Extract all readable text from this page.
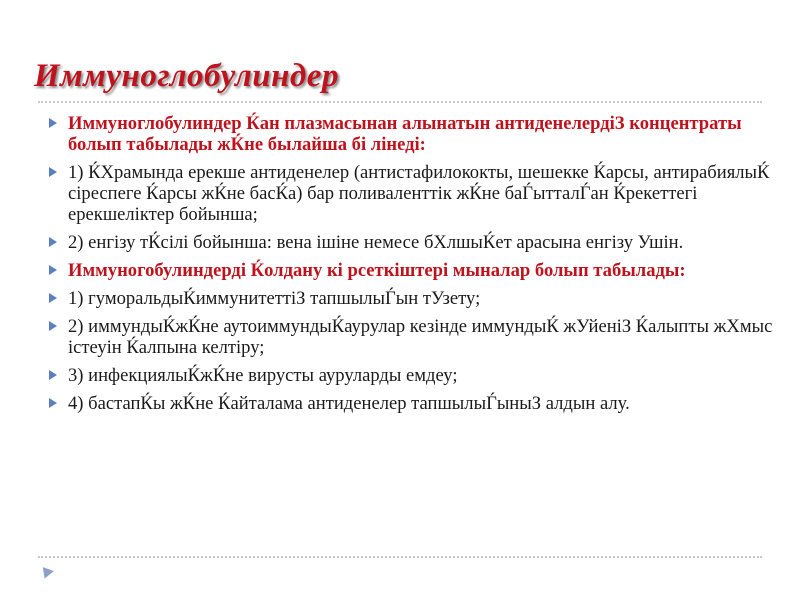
Иммуноглобулиндер
Иммуноглобулиндер Ќан плазмасынан алынатын антиденелердіЗ концентраты болып табылады жЌне былайша бі лінеді:
1) ЌХрамында ерекше антиденелер (антистафилококты, шешекке Ќарсы, антирабиялыЌ сіреспеге Ќарсы жЌне басЌа) бар поливаленттік жЌне баЃытталЃан Ќрекеттегі ерекшеліктер бойынша;
2) енгізу тЌсілі бойынша: вена ішіне немесе бХлшыЌет арасына енгізу Ушін.
Иммуногобулиндерді Ќолдану кі рсеткіштері мыналар болып табылады:
1) гуморальдыЌиммунитеттіЗ тапшылыЃын тУзету;
2) иммундыЌжЌне аутоиммундыЌаурулар кезінде иммундыЌ жУйеніЗ Ќалыпты жХмыс істеуін Ќалпына келтіру;
3) инфекциялыЌжЌне вирусты ауруларды емдеу;
4) бастапЌы жЌне Ќайталама антиденелер тапшылыЃыныЗ алдын алу.
